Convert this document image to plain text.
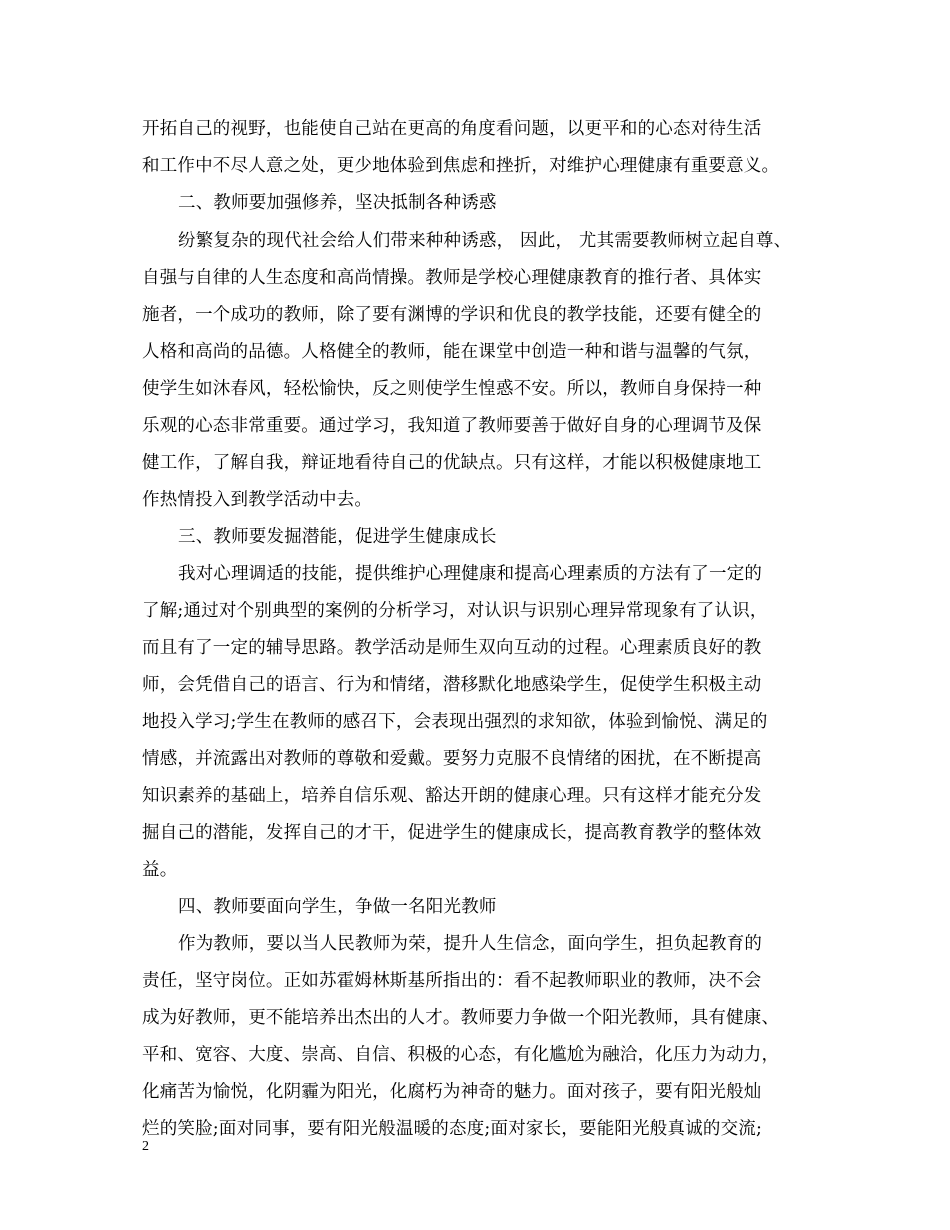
开拓自己的视野，也能使自己站在更高的角度看问题，以更平和的心态对待生活
和工作中不尽人意之处，更少地体验到焦虑和挫折，对维护心理健康有重要意义。
二、教师要加强修养，坚决抵制各种诱惑
纷繁复杂的现代社会给人们带来种种诱惑， 因此， 尤其需要教师树立起自尊、
自强与自律的人生态度和高尚情操。教师是学校心理健康教育的推行者、具体实
施者，一个成功的教师，除了要有渊博的学识和优良的教学技能，还要有健全的
人格和高尚的品德。人格健全的教师，能在课堂中创造一种和谐与温馨的气氛，
使学生如沐春风，轻松愉快，反之则使学生惶惑不安。所以，教师自身保持一种
乐观的心态非常重要。通过学习，我知道了教师要善于做好自身的心理调节及保
健工作，了解自我，辩证地看待自己的优缺点。只有这样，才能以积极健康地工
作热情投入到教学活动中去。
三、教师要发掘潜能，促进学生健康成长
我对心理调适的技能，提供维护心理健康和提高心理素质的方法有了一定的
了解;通过对个别典型的案例的分析学习，对认识与识别心理异常现象有了认识，
而且有了一定的辅导思路。教学活动是师生双向互动的过程。心理素质良好的教
师，会凭借自己的语言、行为和情绪，潜移默化地感染学生，促使学生积极主动
地投入学习;学生在教师的感召下，会表现出强烈的求知欲，体验到愉悦、满足的
情感，并流露出对教师的尊敬和爱戴。要努力克服不良情绪的困扰，在不断提高
知识素养的基础上，培养自信乐观、豁达开朗的健康心理。只有这样才能充分发
掘自己的潜能，发挥自己的才干，促进学生的健康成长，提高教育教学的整体效
益。
四、教师要面向学生，争做一名阳光教师
作为教师，要以当人民教师为荣，提升人生信念，面向学生，担负起教育的
责任，坚守岗位。正如苏霍姆林斯基所指出的：看不起教师职业的教师，决不会
成为好教师，更不能培养出杰出的人才。教师要力争做一个阳光教师，具有健康、
平和、宽容、大度、崇高、自信、积极的心态，有化尴尬为融洽，化压力为动力，
化痛苦为愉悦，化阴霾为阳光，化腐朽为神奇的魅力。面对孩子，要有阳光般灿
烂的笑脸;面对同事，要有阳光般温暖的态度;面对家长，要能阳光般真诚的交流;
2
